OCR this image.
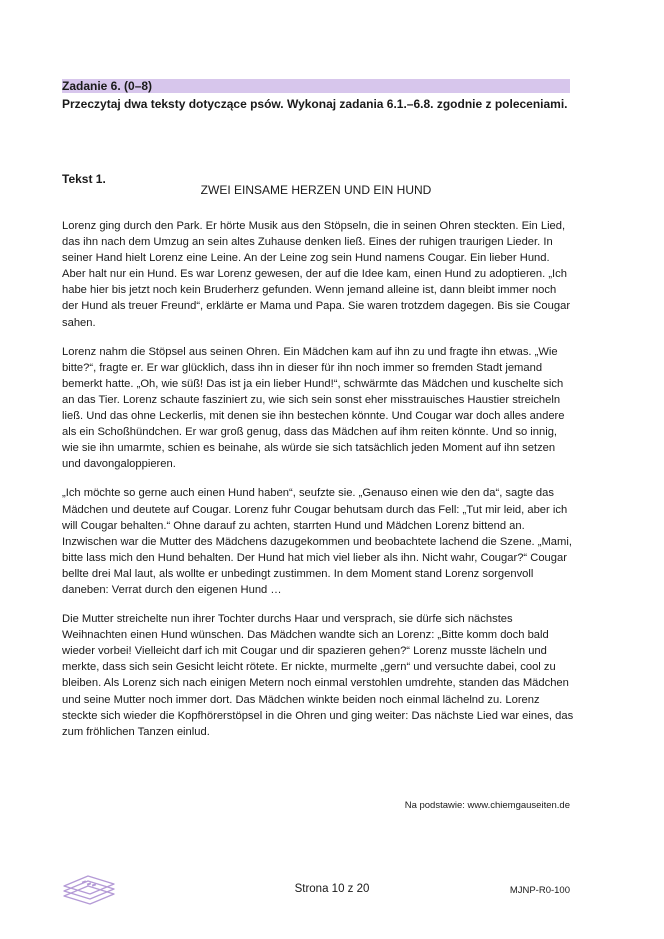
Zadanie 6. (0–8)
Przeczytaj dwa teksty dotyczące psów. Wykonaj zadania 6.1.–6.8. zgodnie z poleceniami.
Tekst 1.
ZWEI EINSAME HERZEN UND EIN HUND

Lorenz ging durch den Park. Er hörte Musik aus den Stöpseln, die in seinen Ohren steckten. Ein Lied, das ihn nach dem Umzug an sein altes Zuhause denken ließ. Eines der ruhigen traurigen Lieder. In seiner Hand hielt Lorenz eine Leine. An der Leine zog sein Hund namens Cougar. Ein lieber Hund. Aber halt nur ein Hund. Es war Lorenz gewesen, der auf die Idee kam, einen Hund zu adoptieren. „Ich habe hier bis jetzt noch kein Bruderherz gefunden. Wenn jemand alleine ist, dann bleibt immer noch der Hund als treuer Freund“, erklärte er Mama und Papa. Sie waren trotzdem dagegen. Bis sie Cougar sahen.

Lorenz nahm die Stöpsel aus seinen Ohren. Ein Mädchen kam auf ihn zu und fragte ihn etwas. „Wie bitte?“, fragte er. Er war glücklich, dass ihn in dieser für ihn noch immer so fremden Stadt jemand bemerkt hatte. „Oh, wie süß! Das ist ja ein lieber Hund!“, schwärmte das Mädchen und kuschelte sich an das Tier. Lorenz schaute fasziniert zu, wie sich sein sonst eher misstrauisches Haustier streicheln ließ. Und das ohne Leckerlis, mit denen sie ihn bestechen könnte. Und Cougar war doch alles andere als ein Schoßhündchen. Er war groß genug, dass das Mädchen auf ihm reiten könnte. Und so innig, wie sie ihn umarmte, schien es beinahe, als würde sie sich tatsächlich jeden Moment auf ihn setzen und davongaloppieren.

„Ich möchte so gerne auch einen Hund haben“, seufzte sie. „Genauso einen wie den da“, sagte das Mädchen und deutete auf Cougar. Lorenz fuhr Cougar behutsam durch das Fell: „Tut mir leid, aber ich will Cougar behalten.“ Ohne darauf zu achten, starrten Hund und Mädchen Lorenz bittend an. Inzwischen war die Mutter des Mädchens dazugekommen und beobachtete lachend die Szene. „Mami, bitte lass mich den Hund behalten. Der Hund hat mich viel lieber als ihn. Nicht wahr, Cougar?“ Cougar bellte drei Mal laut, als wollte er unbedingt zustimmen. In dem Moment stand Lorenz sorgenvoll daneben: Verrat durch den eigenen Hund …

Die Mutter streichelte nun ihrer Tochter durchs Haar und versprach, sie dürfe sich nächstes Weihnachten einen Hund wünschen. Das Mädchen wandte sich an Lorenz: „Bitte komm doch bald wieder vorbei! Vielleicht darf ich mit Cougar und dir spazieren gehen?“ Lorenz musste lächeln und merkte, dass sich sein Gesicht leicht rötete. Er nickte, murmelte „gern“ und versuchte dabei, cool zu bleiben. Als Lorenz sich nach einigen Metern noch einmal verstohlen umdrehte, standen das Mädchen und seine Mutter noch immer dort. Das Mädchen winkte beiden noch einmal lächelnd zu. Lorenz steckte sich wieder die Kopfhörerstöpsel in die Ohren und ging weiter: Das nächste Lied war eines, das zum fröhlichen Tanzen einlud.

Na podstawie: www.chiemgauseiten.de
Strona 10 z 20	MJNP-R0-100
